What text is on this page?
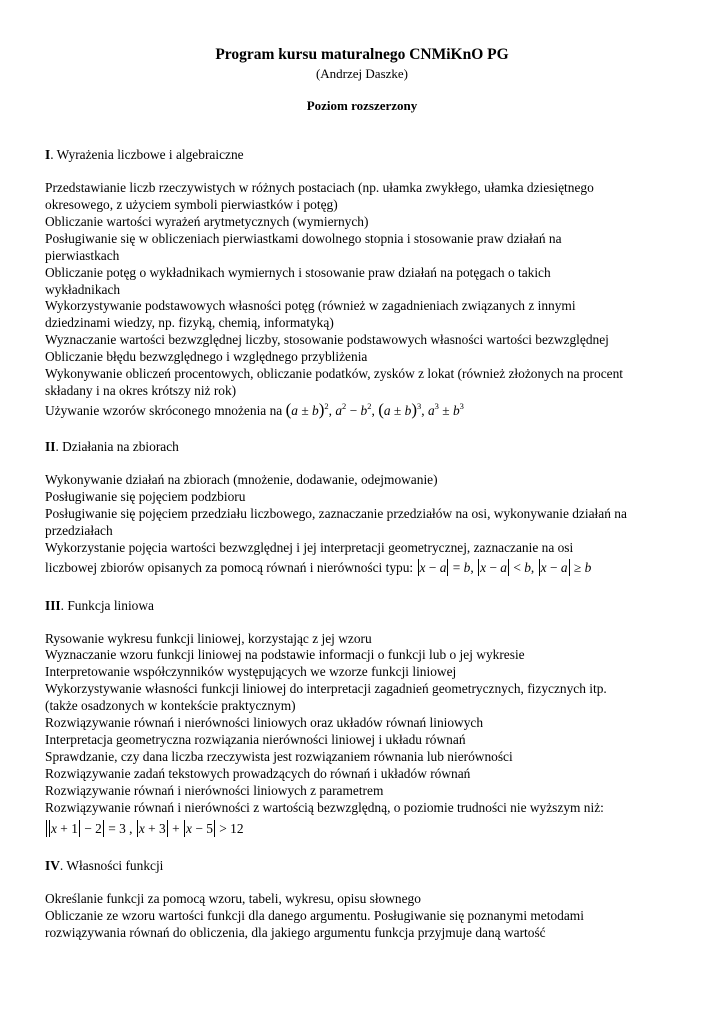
Program kursu maturalnego CNMiKnO PG
(Andrzej Daszke)
Poziom rozszerzony
I. Wyrażenia liczbowe i algebraiczne
Przedstawianie liczb rzeczywistych w różnych postaciach (np. ułamka zwykłego, ułamka dziesiętnego
okresowego, z użyciem symboli pierwiastków i potęg)
Obliczanie wartości wyrażeń arytmetycznych (wymiernych)
Posługiwanie się w obliczeniach pierwiastkami dowolnego stopnia i stosowanie praw działań na
pierwiastkach
Obliczanie potęg o wykładnikach wymiernych i stosowanie praw działań na potęgach o takich
wykładnikach
Wykorzystywanie podstawowych własności potęg (również w zagadnieniach związanych z innymi
dziedzinami wiedzy, np. fizyką, chemią, informatyką)
Wyznaczanie wartości bezwzględnej liczby, stosowanie podstawowych własności wartości bezwzględnej
Obliczanie błędu bezwzględnego i względnego przybliżenia
Wykonywanie obliczeń procentowych, obliczanie podatków, zysków z lokat (również złożonych na procent
składany i na okres krótszy niż rok)
Używanie wzorów skróconego mnożenia na $(a \pm b)^2$, $a^2 - b^2$, $(a \pm b)^3$, $a^3 \pm b^3$
II. Działania na zbiorach
Wykonywanie działań na zbiorach (mnożenie, dodawanie, odejmowanie)
Posługiwanie się pojęciem podzbioru
Posługiwanie się pojęciem przedziału liczbowego, zaznaczanie przedziałów na osi, wykonywanie działań na
przedziałach
Wykorzystanie pojęcia wartości bezwzględnej i jej interpretacji geometrycznej, zaznaczanie na osi
liczbowej zbiorów opisanych za pomocą równań i nierówności typu: x − a = b, x − a < b, x − a ≥ b
III. Funkcja liniowa
Rysowanie wykresu funkcji liniowej, korzystając z jej wzoru
Wyznaczanie wzoru funkcji liniowej na podstawie informacji o funkcji lub o jej wykresie
Interpretowanie współczynników występujących we wzorze funkcji liniowej
Wykorzystywanie własności funkcji liniowej do interpretacji zagadnień geometrycznych, fizycznych itp.
(także osadzonych w kontekście praktycznym)
Rozwiązywanie równań i nierówności liniowych oraz układów równań liniowych
Interpretacja geometryczna rozwiązania nierówności liniowej i układu równań
Sprawdzanie, czy dana liczba rzeczywista jest rozwiązaniem równania lub nierówności
Rozwiązywanie zadań tekstowych prowadzących do równań i układów równań
Rozwiązywanie równań i nierówności liniowych z parametrem
Rozwiązywanie równań i nierówności z wartością bezwzględną, o poziomie trudności nie wyższym niż:
x + 1 − 2 = 3 , x + 3 + x − 5 > 12
IV. Własności funkcji
Określanie funkcji za pomocą wzoru, tabeli, wykresu, opisu słownego
Obliczanie ze wzoru wartości funkcji dla danego argumentu. Posługiwanie się poznanymi metodami
rozwiązywania równań do obliczenia, dla jakiego argumentu funkcja przyjmuje daną wartość
